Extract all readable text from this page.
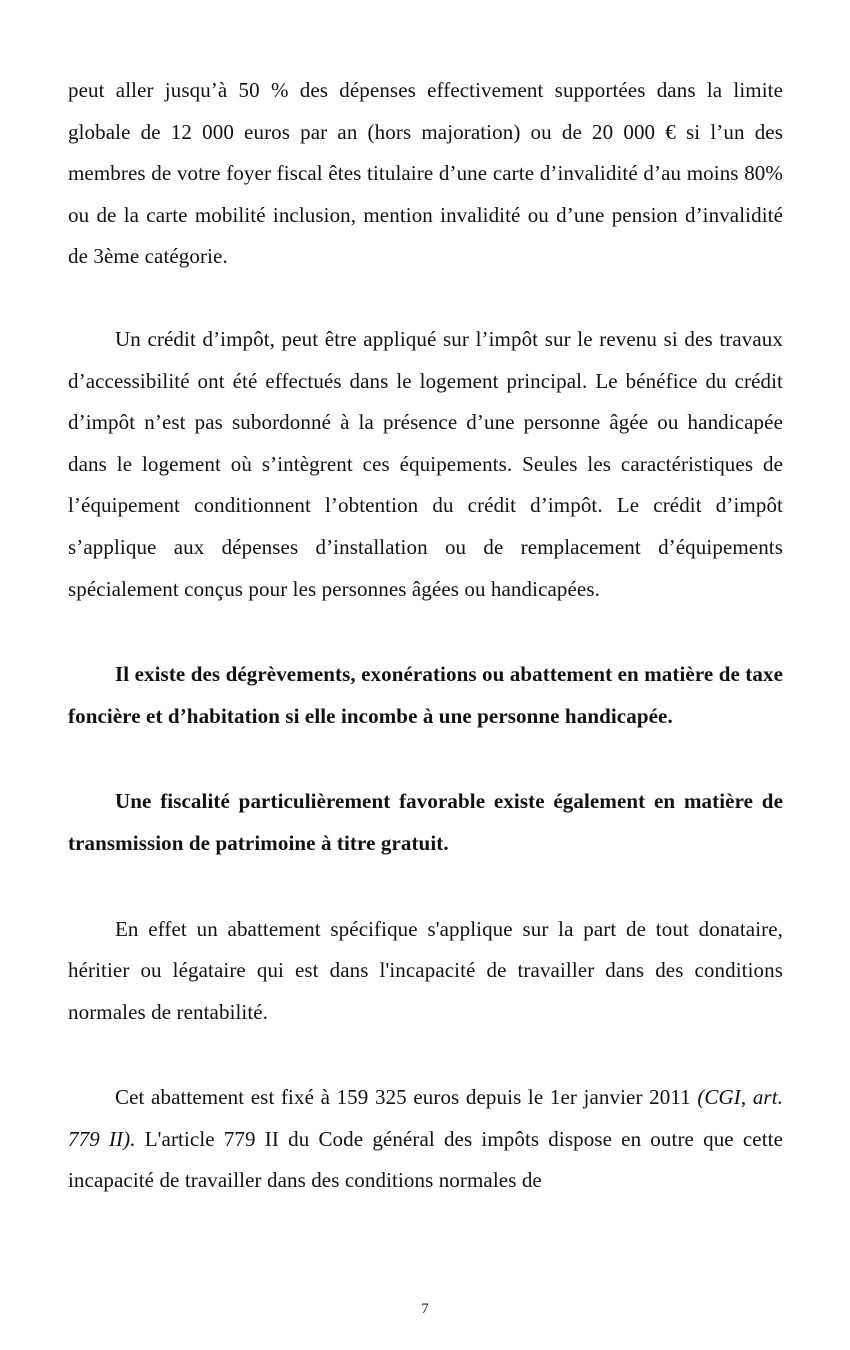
peut aller jusqu’à 50 % des dépenses effectivement supportées dans la limite globale de 12 000 euros par an (hors majoration) ou de 20 000 € si l’un des membres de votre foyer fiscal êtes titulaire d’une carte d’invalidité d’au moins 80% ou de la carte mobilité inclusion, mention invalidité ou d’une pension d’invalidité de 3ème catégorie.

Un crédit d’impôt, peut être appliqué sur l’impôt sur le revenu si des travaux d’accessibilité ont été effectués dans le logement principal. Le bénéfice du crédit d’impôt n’est pas subordonné à la présence d’une personne âgée ou handicapée dans le logement où s’intègrent ces équipements. Seules les caractéristiques de l’équipement conditionnent l’obtention du crédit d’impôt. Le crédit d’impôt s’applique aux dépenses d’installation ou de remplacement d’équipements spécialement conçus pour les personnes âgées ou handicapées.

Il existe des dégrèvements, exonérations ou abattement en matière de taxe foncière et d’habitation si elle incombe à une personne handicapée.

Une fiscalité particulièrement favorable existe également en matière de transmission de patrimoine à titre gratuit.

En effet un abattement spécifique s'applique sur la part de tout donataire, héritier ou légataire qui est dans l'incapacité de travailler dans des conditions normales de rentabilité.

Cet abattement est fixé à 159 325 euros depuis le 1er janvier 2011 (CGI, art. 779 II). L'article 779 II du Code général des impôts dispose en outre que cette incapacité de travailler dans des conditions normales de

7
